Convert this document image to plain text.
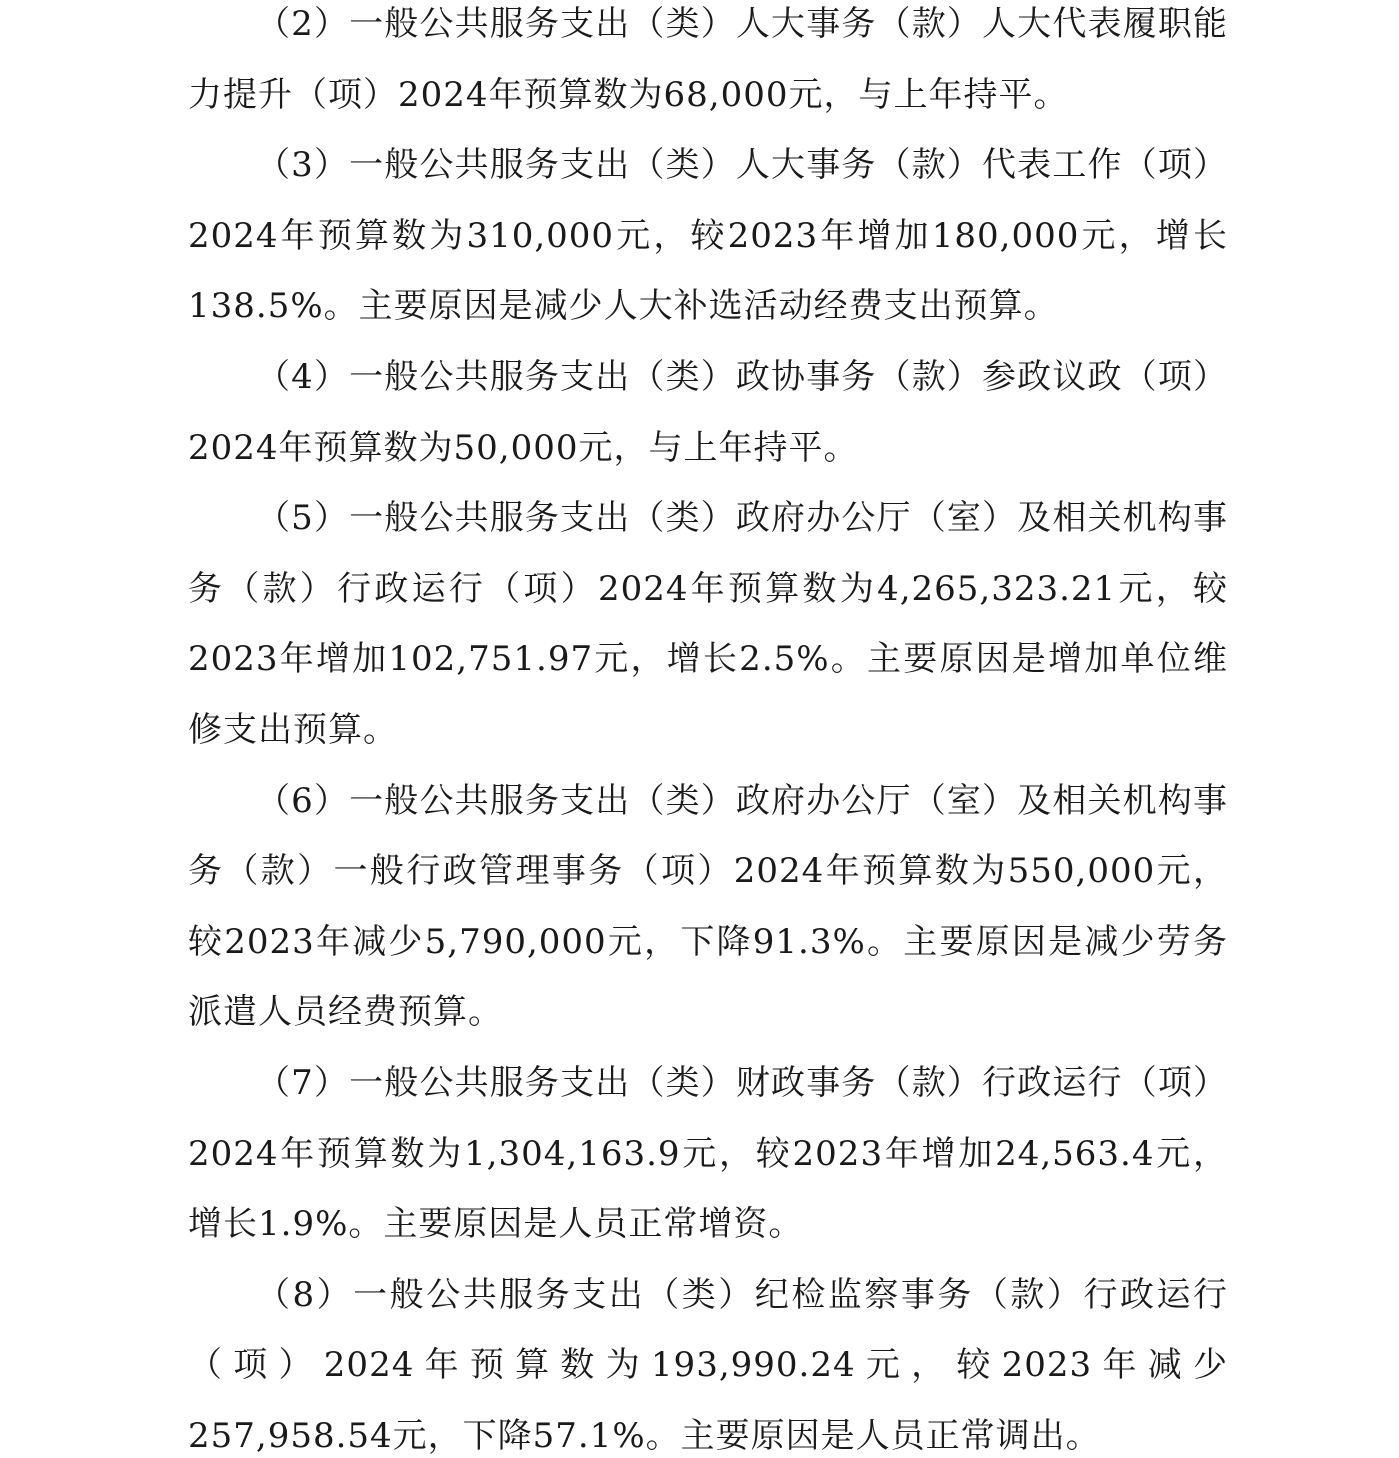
（2）一般公共服务支出（类）人大事务（款）人大代表履职能力提升（项）2024年预算数为68,000元，与上年持平。

（3）一般公共服务支出（类）人大事务（款）代表工作（项）2024年预算数为310,000元，较2023年增加180,000元，增长138.5%。主要原因是减少人大补选活动经费支出预算。

（4）一般公共服务支出（类）政协事务（款）参政议政（项）2024年预算数为50,000元，与上年持平。

（5）一般公共服务支出（类）政府办公厅（室）及相关机构事务（款）行政运行（项）2024年预算数为4,265,323.21元，较2023年增加102,751.97元，增长2.5%。主要原因是增加单位维修支出预算。

（6）一般公共服务支出（类）政府办公厅（室）及相关机构事务（款）一般行政管理事务（项）2024年预算数为550,000元，较2023年减少5,790,000元，下降91.3%。主要原因是减少劳务派遣人员经费预算。

（7）一般公共服务支出（类）财政事务（款）行政运行（项）2024年预算数为1,304,163.9元，较2023年增加24,563.4元，增长1.9%。主要原因是人员正常增资。

（8）一般公共服务支出（类）纪检监察事务（款）行政运行（项）2024年预算数为193,990.24元，较2023年减少257,958.54元，下降57.1%。主要原因是人员正常调出。
